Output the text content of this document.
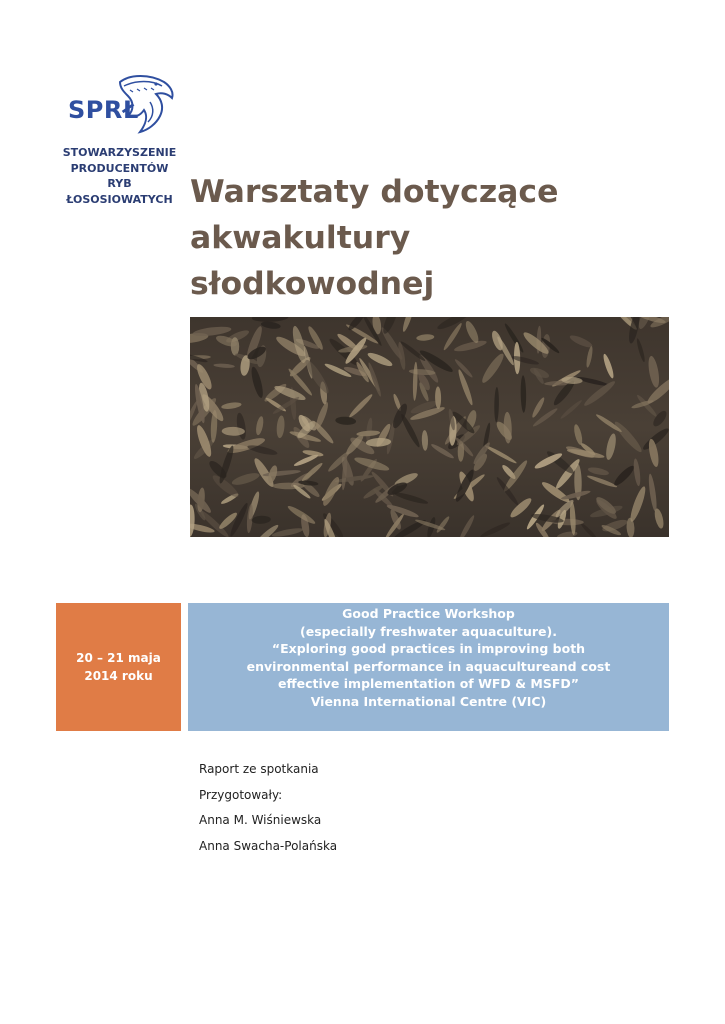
SPRŁ
STOWARZYSZENIE
PRODUCENTÓW
RYB
ŁOSOSIOWATYCH Warsztaty dotyczące
akwakultury
słodkowodnej
20 – 21 maja
2014 roku
Good Practice Workshop
(especially freshwater aquaculture).
“Exploring good practices in improving both
environmental performance in aquacultureand cost
effective implementation of WFD & MSFD”
Vienna International Centre (VIC)
Raport ze spotkania
Przygotowały:
Anna M. Wiśniewska
Anna Swacha-Polańska
